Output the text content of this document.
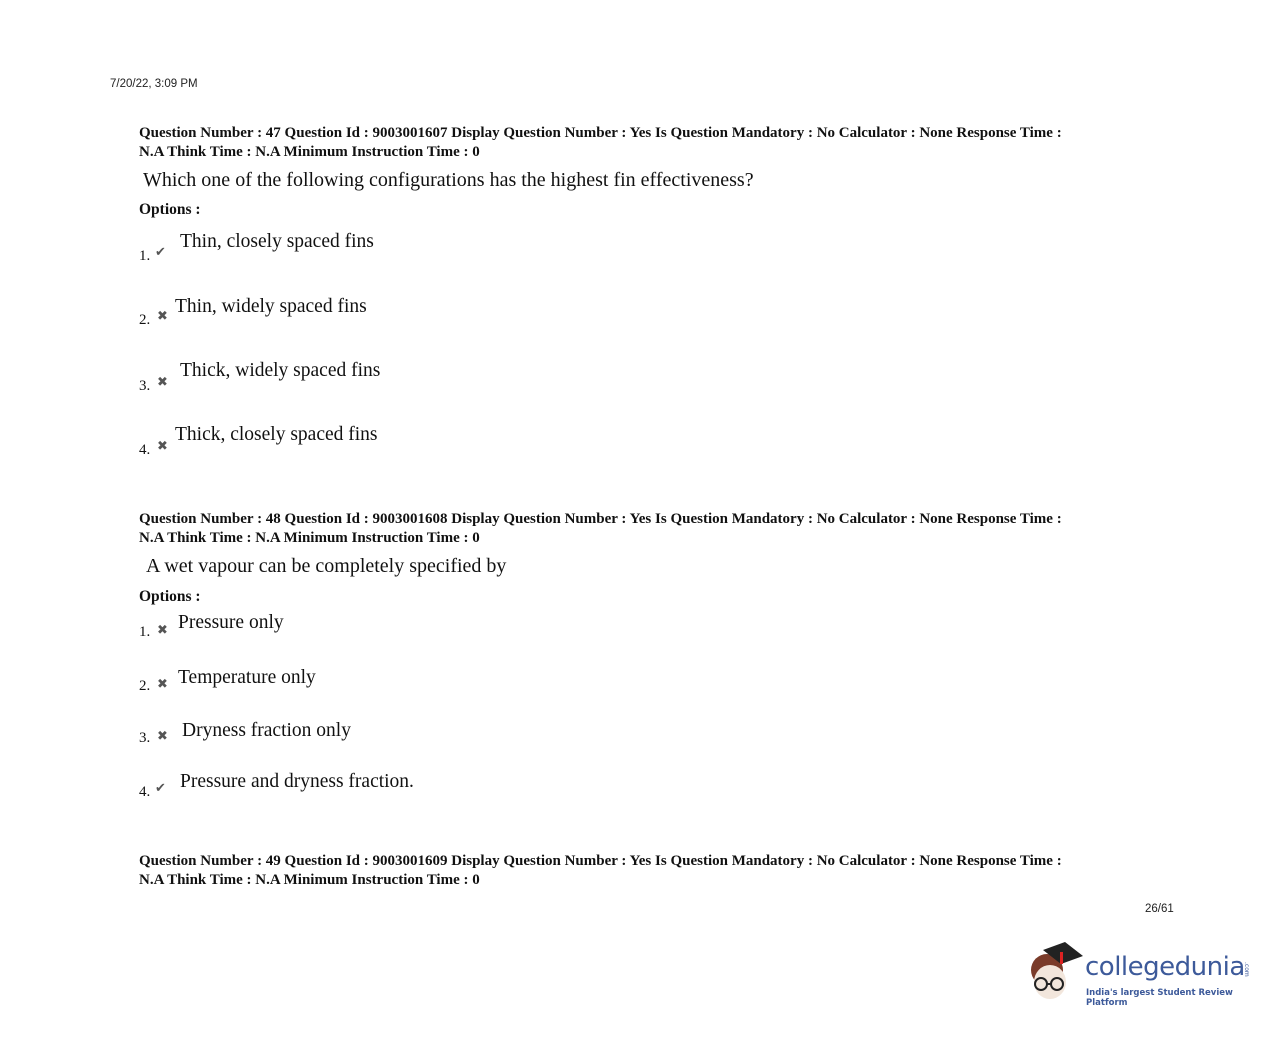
7/20/22, 3:09 PM
Question Number : 47 Question Id : 9003001607 Display Question Number : Yes Is Question Mandatory : No Calculator : None Response Time :
N.A Think Time : N.A Minimum Instruction Time : 0
Which one of the following configurations has the highest fin effectiveness?
Options :
1. ✔ Thin, closely spaced fins
2. ✖ Thin, widely spaced fins
3. ✖
Thick, widely spaced fins
4. ✖
Thick, closely spaced fins
Question Number : 48 Question Id : 9003001608 Display Question Number : Yes Is Question Mandatory : No Calculator : None Response Time :
N.A Think Time : N.A Minimum Instruction Time : 0
A wet vapour can be completely specified by
Options :
1. ✖ Pressure only
2. ✖ Temperature only
3. ✖ Dryness fraction only
4. ✔ Pressure and dryness fraction.
Question Number : 49 Question Id : 9003001609 Display Question Number : Yes Is Question Mandatory : No Calculator : None Response Time :
N.A Think Time : N.A Minimum Instruction Time : 0
26/61
collegedunia
.com
India's largest Student Review Platform
